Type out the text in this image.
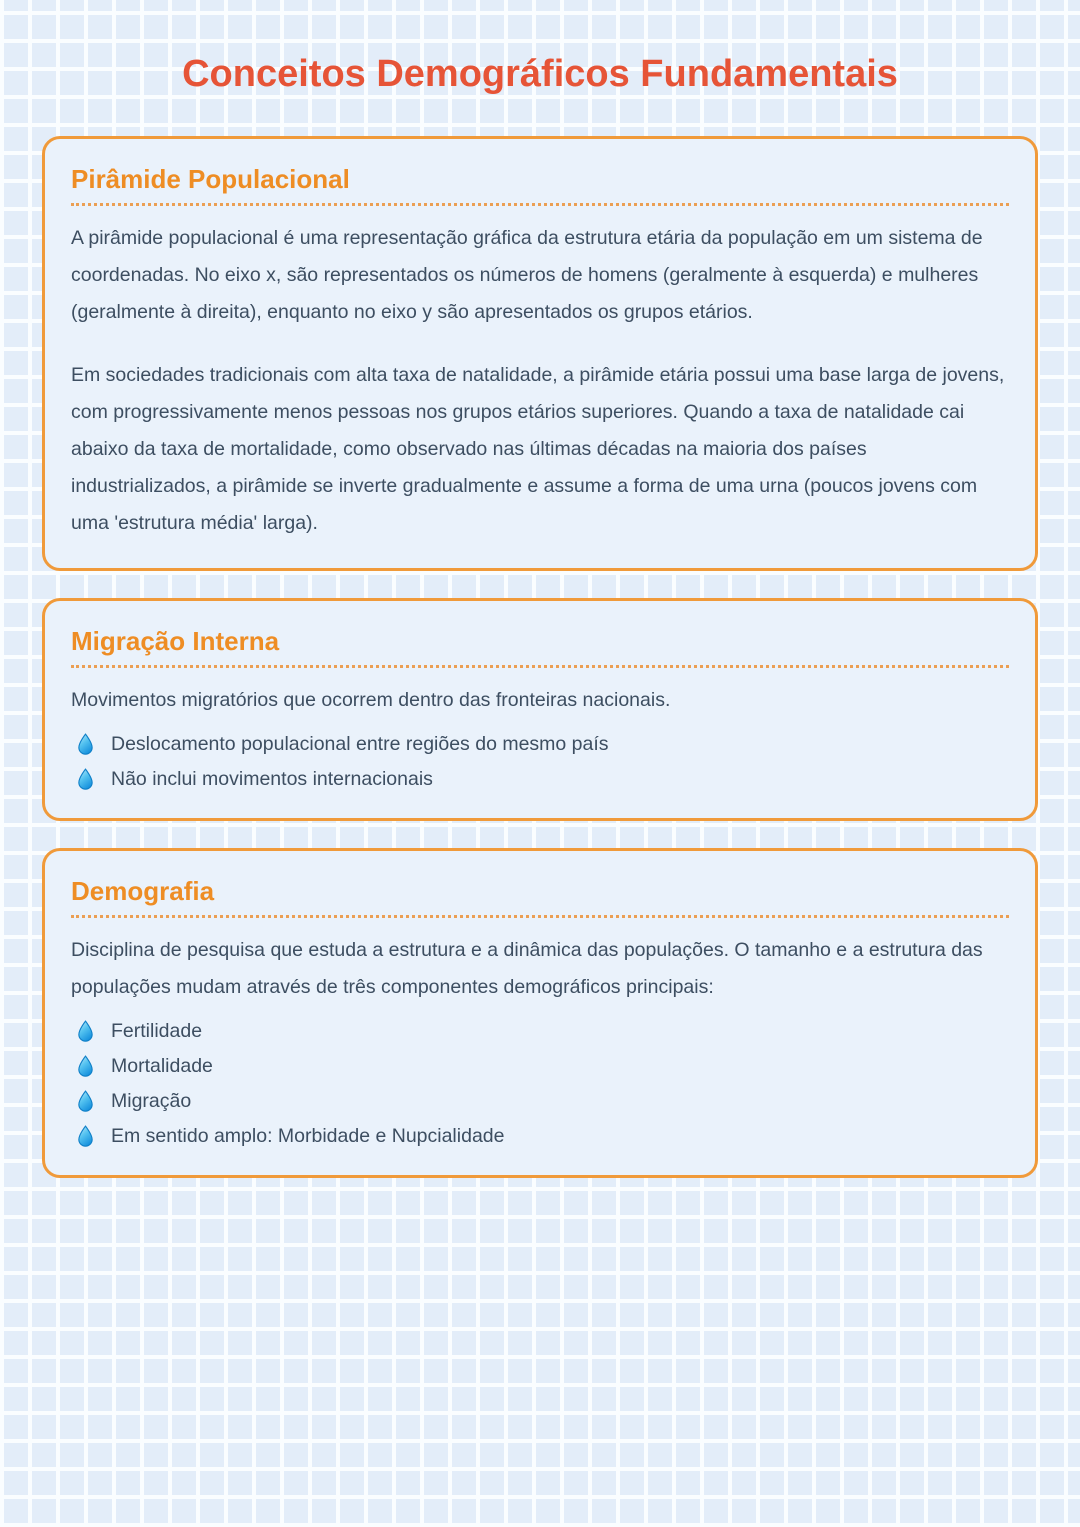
Conceitos Demográficos Fundamentais
Pirâmide Populacional

A pirâmide populacional é uma representação gráfica da estrutura etária da população em um sistema de coordenadas. No eixo x, são representados os números de homens (geralmente à esquerda) e mulheres (geralmente à direita), enquanto no eixo y são apresentados os grupos etários.

Em sociedades tradicionais com alta taxa de natalidade, a pirâmide etária possui uma base larga de jovens, com progressivamente menos pessoas nos grupos etários superiores. Quando a taxa de natalidade cai abaixo da taxa de mortalidade, como observado nas últimas décadas na maioria dos países industrializados, a pirâmide se inverte gradualmente e assume a forma de uma urna (poucos jovens com uma 'estrutura média' larga).

Migração Interna

Movimentos migratórios que ocorrem dentro das fronteiras nacionais.

Deslocamento populacional entre regiões do mesmo país
Não inclui movimentos internacionais
Demografia

Disciplina de pesquisa que estuda a estrutura e a dinâmica das populações. O tamanho e a estrutura das populações mudam através de três componentes demográficos principais:

Fertilidade
Mortalidade
Migração
Em sentido amplo: Morbidade e Nupcialidade
